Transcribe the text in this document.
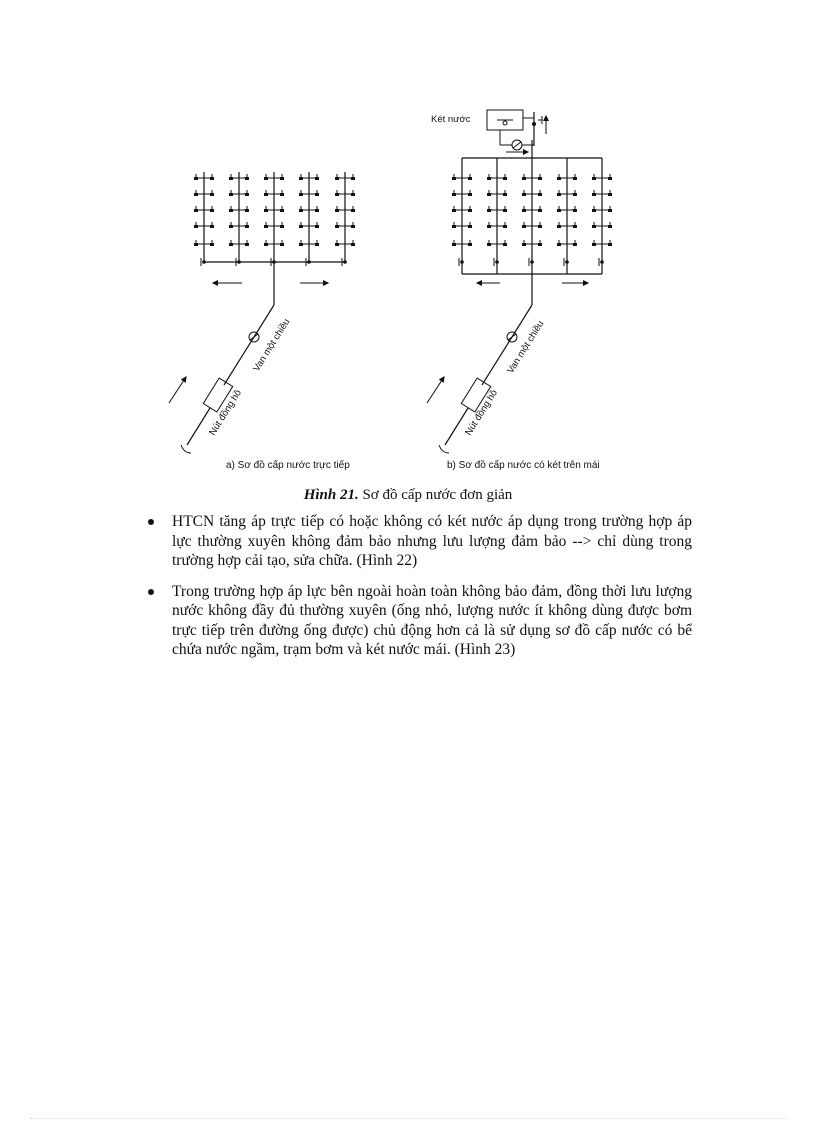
Van một chiều
Nút đồng hồ
Van một chiều
Nút đồng hồ
Két nước
a) Sơ đồ cấp nước trực tiếp	b) Sơ đồ cấp nước có két trên mái
Hình 21. Sơ đồ cấp nước đơn giản
HTCN tăng áp trực tiếp có hoặc không có két nước áp dụng trong trường hợp áp lực thường xuyên không đảm bảo nhưng lưu lượng đảm bảo --> chỉ dùng trong trường hợp cải tạo, sửa chữa. (Hình 22)
Trong trường hợp áp lực bên ngoài hoàn toàn không bảo đảm, đồng thời lưu lượng nước không đầy đủ thường xuyên (ống nhỏ, lượng nước ít không dùng được bơm trực tiếp trên đường ống được) chủ động hơn cả là sử dụng sơ đồ cấp nước có bể chứa nước ngầm, trạm bơm và két nước mái. (Hình 23)
